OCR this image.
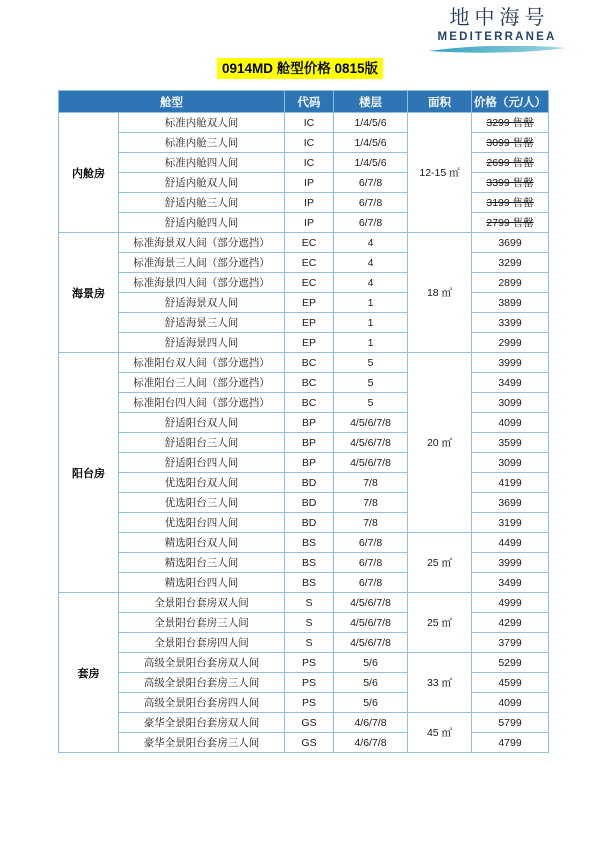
地中海号
MEDITERRANEA
0914MD 舱型价格 0815版
舱型		代码	楼层	面积	价格（元/人）
内舱房	标准内舱双人间	IC	1/4/5/6	12-15 ㎡	3299 售罄
	标准内舱三人间	IC	1/4/5/6		3099 售罄
	标准内舱四人间	IC	1/4/5/6		2699 售罄
	舒适内舱双人间	IP	6/7/8		3399 售罄
	舒适内舱三人间	IP	6/7/8		3199 售罄
	舒适内舱四人间	IP	6/7/8		2799 售罄
海景房	标准海景双人间（部分遮挡）	EC	4	18 ㎡	3699
	标准海景三人间（部分遮挡）	EC	4		3299
	标准海景四人间（部分遮挡）	EC	4		2899
	舒适海景双人间	EP	1		3899
	舒适海景三人间	EP	1		3399
	舒适海景四人间	EP	1		2999
阳台房	标准阳台双人间（部分遮挡）	BC	5	20 ㎡	3999
	标准阳台三人间（部分遮挡）	BC	5		3499
	标准阳台四人间（部分遮挡）	BC	5		3099
	舒适阳台双人间	BP	4/5/6/7/8		4099
	舒适阳台三人间	BP	4/5/6/7/8		3599
	舒适阳台四人间	BP	4/5/6/7/8		3099
	优选阳台双人间	BD	7/8		4199
	优选阳台三人间	BD	7/8		3699
	优选阳台四人间	BD	7/8		3199
	精选阳台双人间	BS	6/7/8	25 ㎡	4499
	精选阳台三人间	BS	6/7/8		3999
	精选阳台四人间	BS	6/7/8		3499
套房	全景阳台套房双人间	S	4/5/6/7/8	25 ㎡	4999
	全景阳台套房三人间	S	4/5/6/7/8		4299
	全景阳台套房四人间	S	4/5/6/7/8		3799
	高级全景阳台套房双人间	PS	5/6	33 ㎡	5299
	高级全景阳台套房三人间	PS	5/6		4599
	高级全景阳台套房四人间	PS	5/6		4099
	豪华全景阳台套房双人间	GS	4/6/7/8	45 ㎡	5799
	豪华全景阳台套房三人间	GS	4/6/7/8		4799
